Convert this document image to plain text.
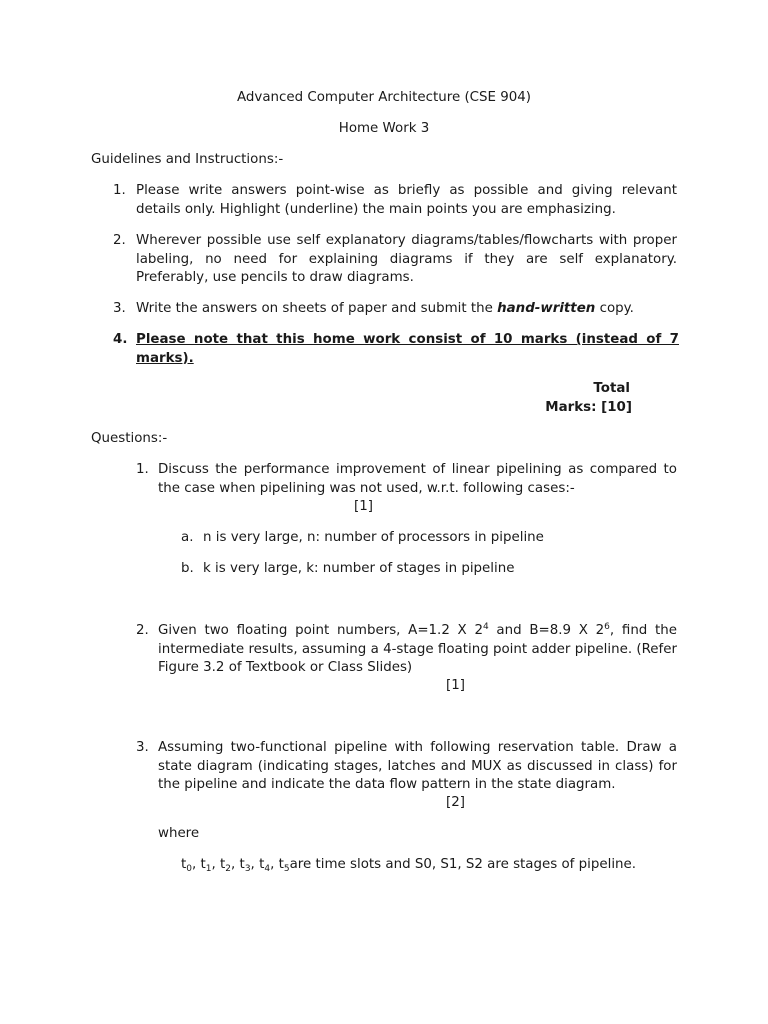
Advanced Computer Architecture (CSE 904)
Home Work 3
Guidelines and Instructions:-
1. Please write answers point-wise as briefly as possible and giving relevant details only. Highlight (underline) the main points you are emphasizing.
2. Wherever possible use self explanatory diagrams/tables/flowcharts with proper labeling, no need for explaining diagrams if they are self explanatory. Preferably, use pencils to draw diagrams.
3. Write the answers on sheets of paper and submit the hand-written copy.
4. Please note that this home work consist of 10 marks (instead of 7 marks).
Total
Marks: [10]
Questions:-
1. Discuss the performance improvement of linear pipelining as compared to the case when pipelining was not used, w.r.t. following cases:-
[1]
a. n is very large, n: number of processors in pipeline
b. k is very large, k: number of stages in pipeline
2. Given two floating point numbers, A=1.2 X $2^4$ and B=8.9 X $2^6$, find the intermediate results, assuming a 4-stage floating point adder pipeline. (Refer Figure 3.2 of Textbook or Class Slides)
[1]
3. Assuming two-functional pipeline with following reservation table. Draw a state diagram (indicating stages, latches and MUX as discussed in class) for the pipeline and indicate the data flow pattern in the state diagram.
[2]
where
$t_0$, $t_1$, $t_2$, $t_3$, $t_4$, $t_5are$ time slots and S0, S1, S2 are stages of pipeline.
